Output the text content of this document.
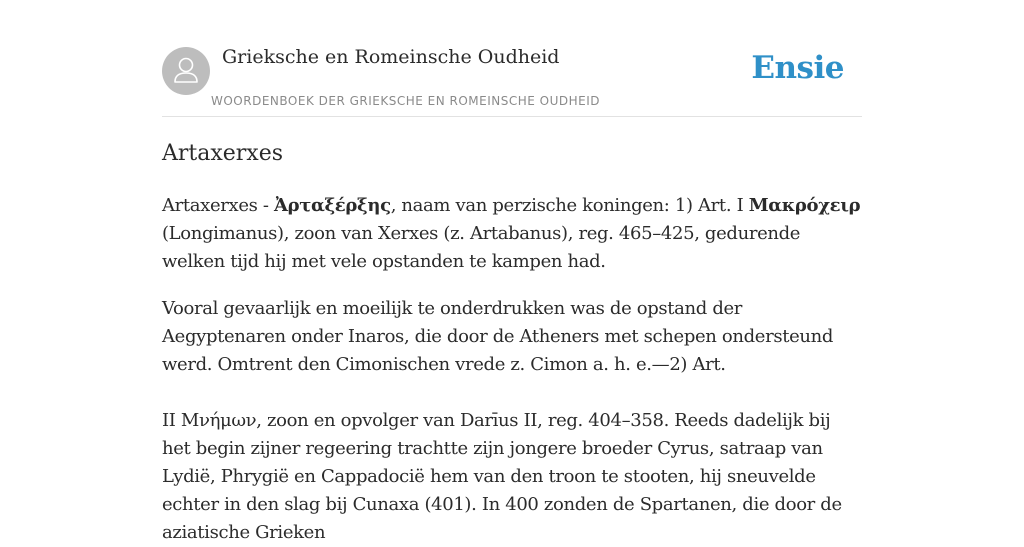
Grieksche en Romeinsche Oudheid
WOORDENBOEK DER GRIEKSCHE EN ROMEINSCHE OUDHEID
Ensie
Artaxerxes

Artaxerxes - Ἀρταξέρξης, naam van perzische koningen: 1) Art. I Μακρόχειρ (Longimanus), zoon van Xerxes (z. Artabanus), reg. 465–425, gedurende welken tijd hij met vele opstanden te kampen had.

Vooral gevaarlijk en moeilijk te onderdrukken was de opstand der Aegyptenaren onder Inaros, die door de Atheners met schepen ondersteund werd. Omtrent den Cimonischen vrede z. Cimon a. h. e.—2) Art.

II Μνήμων, zoon en opvolger van Darīus II, reg. 404–358. Reeds dadelijk bij het begin zijner regeering trachtte zijn jongere broeder Cyrus, satraap van Lydië, Phrygië en Cappadocië hem van den troon te stooten, hij sneuvelde echter in den slag bij Cunaxa (401). In 400 zonden de Spartanen, die door de aziatische Grieken
